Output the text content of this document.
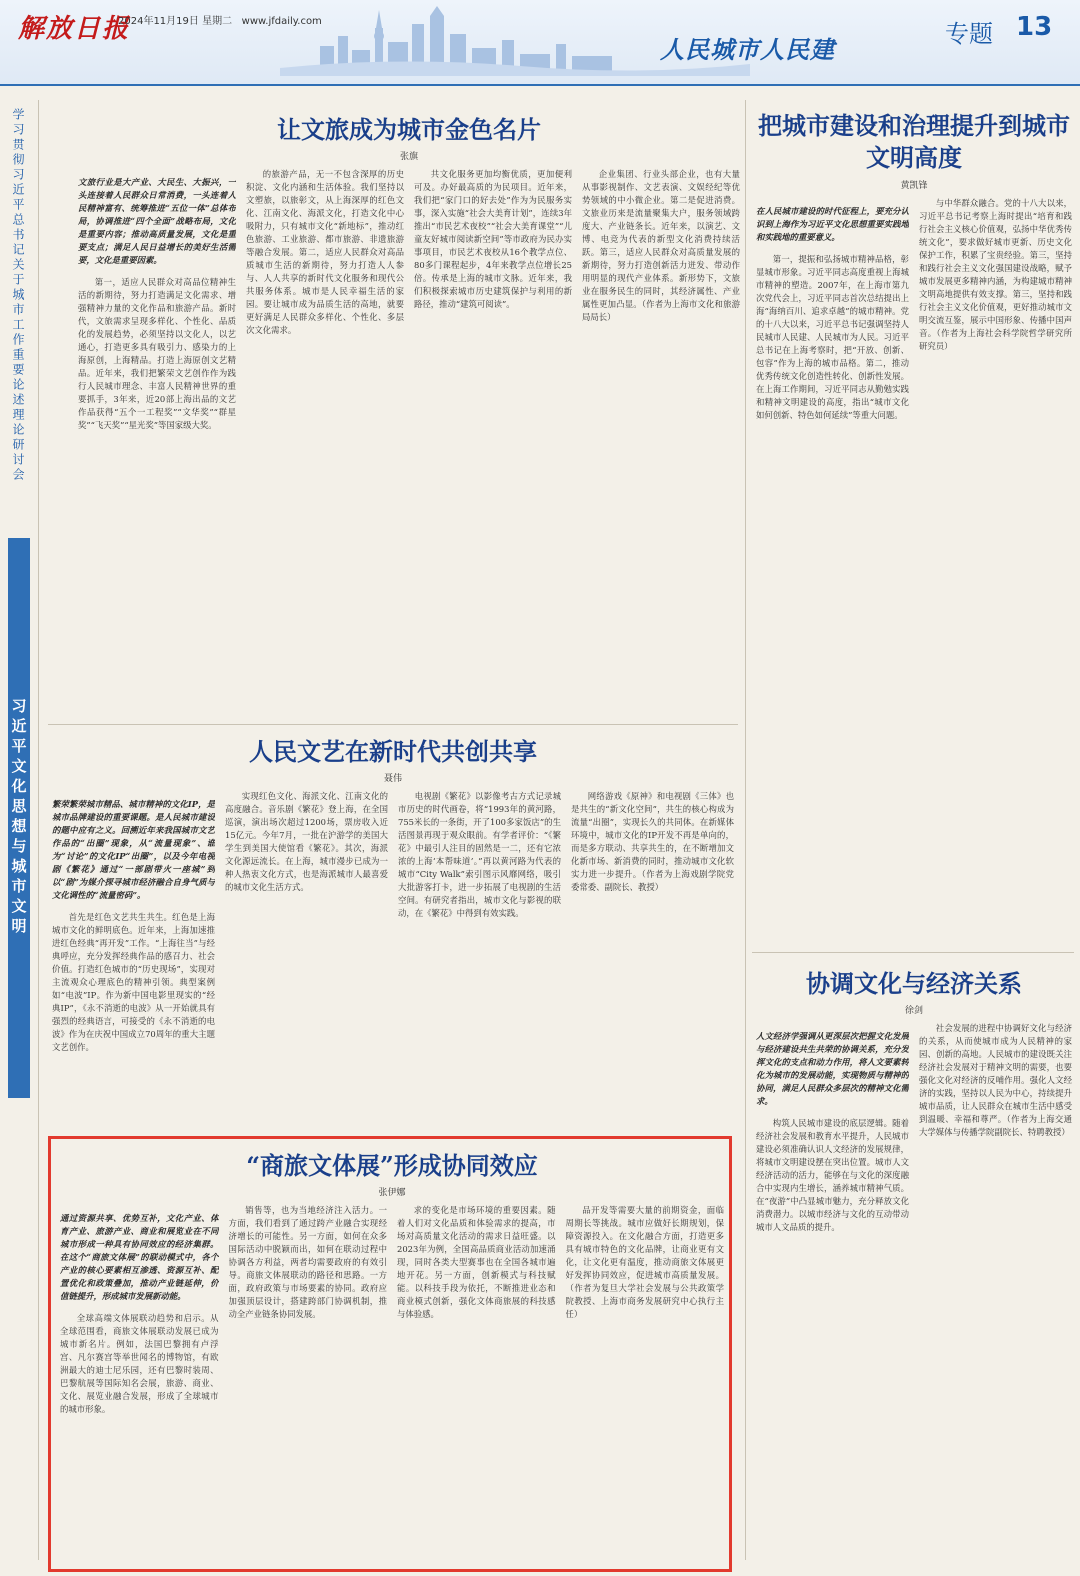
解放日报
2024年11月19日 星期二 www.jfdaily.com
人民城市人民建
专题 13
学习贯彻习近平总书记关于城市工作重要论述理论研讨会
习近平文化思想与城市文明
让文旅成为城市金色名片
张旗

文旅行业是大产业、大民生、大振兴，一头连接着人民群众日常消费，一头连着人民精神富有、统筹推进“五位一体”总体布局，协调推进“四个全面”战略布局，文化是重要内容；推动高质量发展，文化是重要支点；满足人民日益增长的美好生活需要，文化是重要因素。

第一，适应人民群众对高品位精神生活的新期待，努力打造满足文化需求、增强精神力量的文化作品和旅游产品。新时代，文旅需求呈现多样化、个性化、品质化的发展趋势，必须坚持以文化人，以艺通心，打造更多具有吸引力、感染力的上海原创，上海精品。打造上海原创文艺精品。近年来，我们把繁荣文艺创作作为践行人民城市理念、丰富人民精神世界的重要抓手，3年来，近20部上海出品的文艺作品获得“五个一工程奖”“文华奖”“群星奖”“飞天奖”“星光奖”等国家级大奖。

的旅游产品，无一不包含深厚的历史积淀、文化内涵和生活体验。我们坚持以文塑旅，以旅彰文，从上海深厚的红色文化、江南文化、海派文化，打造文化中心吸附力，只有城市文化“新地标”，推动红色旅游、工业旅游、都市旅游、非遗旅游等融合发展。第二，适应人民群众对高品质城市生活的新期待，努力打造人人参与、人人共享的新时代文化服务和现代公共服务体系。城市是人民幸福生活的家园。要让城市成为品质生活的高地，就要更好满足人民群众多样化、个性化、多层次文化需求。

共文化服务更加均衡优质，更加便利可及。办好最高质的为民项目。近年来，我们把“家门口的好去处”作为为民服务实事，深入实施“社会大美育计划”，连续3年推出“市民艺术夜校”“社会大美育课堂”“儿童友好城市阅读新空间”等市政府为民办实事项目，市民艺术夜校从16个教学点位、80多门课程起步，4年来教学点位增长25倍。传承是上海的城市文脉。近年来，我们积极探索城市历史建筑保护与利用的新路径，推动“建筑可阅读”。

企业集团、行业头部企业，也有大量从事影视制作、文艺表演、文娱经纪等优势领域的中小微企业。第二是促进消费。文旅业历来是流量聚集大户，服务领域跨度大、产业链条长。近年来，以演艺、文博、电竞为代表的新型文化消费持续活跃。第三，适应人民群众对高质量发展的新期待，努力打造创新活力迸发、带动作用明显的现代产业体系。新形势下，文旅业在服务民生的同时，其经济属性、产业属性更加凸显。（作者为上海市文化和旅游局局长）

人民文艺在新时代共创共享
聂伟

繁荣繁荣城市精品、城市精神的文化IP，是城市品牌建设的重要课题。是人民城市建设的题中应有之义。回溯近年来我国城市文艺作品的“出圈”现象，从“流量现象”、谁为“讨论”的文化IP“出圈”，以及今年电视剧《繁花》通过“一部剧带火一座城”到以“剧”为媒介探寻城市经济融合自身气质与文化调性的“流量密码”。

首先是红色文艺共生共生。红色是上海城市文化的鲜明底色。近年来，上海加速推进红色经典“再开发”工作。“上海往当”与经典呼应，充分发挥经典作品的感召力、社会价值。打造红色城市的“历史现场”，实现对主流观众心理底色的精神引领。典型案例如“电波”IP。作为新中国电影里现实的“经典IP”，《永不消逝的电波》从一开始就具有强烈的经典语言，可接受的《永不消逝的电波》作为在庆祝中国成立70周年的重大主题文艺创作。

实现红色文化、海派文化、江南文化的高度融合。音乐剧《繁花》登上海，在全国巡演，演出场次超过1200场，票房收入近15亿元。今年7月，一批在沪游学的美国大学生到美国大使馆看《繁花》。其次，海派文化源远流长。在上海，城市漫步已成为一种人热衷文化方式，也是海派城市人最喜爱的城市文化生活方式。

电视剧《繁花》以影像考古方式记录城市历史的时代画卷，将“1993年的黄河路，755米长的一条街，开了100多家饭店”的生活图景再现于观众眼前。有学者评价：“《繁花》中最引人注目的固然是一二，还有它浓浓的上海‘本帮味道’。”再以黄河路为代表的城市“City Walk”索引图示风靡网络，吸引大批游客打卡，进一步拓展了电视剧的生活空间。有研究者指出，城市文化与影视的联动，在《繁花》中得到有效实践。

网络游戏《原神》和电视剧《三体》也是共生的“新文化空间”，共生的核心构成为流量“出圈”，实现长久的共同体。在新媒体环境中，城市文化的IP开发不再是单向的，而是多方联动、共享共生的，在不断增加文化新市场、新消费的同时，推动城市文化软实力进一步提升。（作者为上海戏剧学院党委常委、副院长、教授）

“商旅文体展”形成协同效应
张伊娜

通过资源共享、优势互补，文化产业、体育产业、旅游产业、商业和展览业在不同城市形成一种具有协同效应的经济集群。在这个“商旅文体展”的联动模式中，各个产业的核心要素相互渗透、资源互补、配置优化和政策叠加，推动产业链延伸，价值链提升，形成城市发展新动能。

全球高端文体展联动趋势和启示。从全球范围看，商旅文体展联动发展已成为城市新名片。例如，法国巴黎拥有卢浮宫、凡尔赛宫等举世闻名的博物馆，有欧洲最大的迪士尼乐园，还有巴黎时装周、巴黎航展等国际知名会展，旅游、商业、文化、展览业融合发展，形成了全球城市的城市形象。

销售等，也为当地经济注入活力。一方面，我们看到了通过跨产业融合实现经济增长的可能性。另一方面，如何在众多国际活动中脱颖而出，如何在联动过程中协调各方利益，两者均需要政府的有效引导。商旅文体展联动的路径和思路。一方面，政府政策与市场要素的协同。政府应加强顶层设计，搭建跨部门协调机制，推动全产业链条协同发展。

求的变化是市场环境的重要因素。随着人们对文化品质和体验需求的提高，市场对高质量文化活动的需求日益旺盛。以2023年为例，全国高品质商业活动加速涌现，同时各类大型赛事也在全国各城市遍地开花。另一方面，创新模式与科技赋能。以科技手段为依托，不断推进业态和商业模式创新，强化文体商旅展的科技感与体验感。

品开发等需要大量的前期资金，面临周期长等挑战。城市应做好长期规划，保障资源投入。在文化融合方面，打造更多具有城市特色的文化品牌，让商业更有文化，让文化更有温度，推动商旅文体展更好发挥协同效应，促进城市高质量发展。（作者为复旦大学社会发展与公共政策学院教授、上海市商务发展研究中心执行主任）

把城市建设和治理提升到城市文明高度
黄凯锋

在人民城市建设的时代征程上，要充分认识到上海作为习近平文化思想重要实践地和实践地的重要意义。

第一，提振和弘扬城市精神品格，彰显城市形象。习近平同志高度重视上海城市精神的塑造。2007年，在上海市第九次党代会上，习近平同志首次总结提出上海“海纳百川、追求卓越”的城市精神。党的十八大以来，习近平总书记强调坚持人民城市人民建、人民城市为人民。习近平总书记在上海考察时，把“开放、创新、包容”作为上海的城市品格。第二，推动优秀传统文化创造性转化、创新性发展。在上海工作期间，习近平同志从勤勉实践和精神文明建设的高度，指出“城市文化如何创新、特色如何延续”等重大问题。

与中华群众融合。党的十八大以来，习近平总书记考察上海时提出“培育和践行社会主义核心价值观，弘扬中华优秀传统文化”，要求做好城市更新、历史文化保护工作，积累了宝贵经验。第三，坚持和践行社会主义文化强国建设战略，赋予城市发展更多精神内涵，为构建城市精神文明高地提供有效支撑。第三，坚持和践行社会主义文化价值观，更好推动城市文明交流互鉴，展示中国形象、传播中国声音。（作者为上海社会科学院哲学研究所研究员）

协调文化与经济关系
徐剑

人文经济学强调从更深层次把握文化发展与经济建设共生共荣的协调关系，充分发挥文化的支点和动力作用，将人文要素转化为城市的发展动能，实现物质与精神的协同，满足人民群众多层次的精神文化需求。

构筑人民城市建设的底层逻辑。随着经济社会发展和教育水平提升，人民城市建设必须准确认识人文经济的发展规律，将城市文明建设摆在突出位置。城市人文经济活动的活力，能够在与文化的深度融合中实现内生增长，涵养城市精神气质。在“夜游”中凸显城市魅力，充分释放文化消费潜力。以城市经济与文化的互动带动城市人文品质的提升。

社会发展的进程中协调好文化与经济的关系，从而使城市成为人民精神的家园、创新的高地。人民城市的建设既关注经济社会发展对于精神文明的需要，也要强化文化对经济的反哺作用。强化人文经济的实践，坚持以人民为中心，持续提升城市品质，让人民群众在城市生活中感受到温暖、幸福和尊严。（作者为上海交通大学媒体与传播学院副院长、特聘教授）
